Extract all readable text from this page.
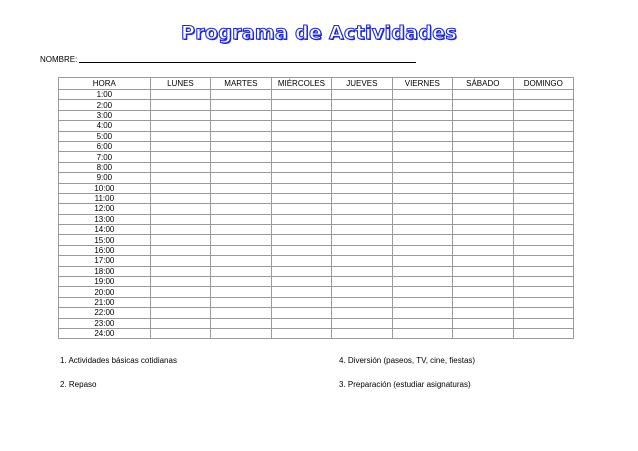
Programa de Actividades
NOMBRE:
HORA	LUNES	MARTES	MIÉRCOLES	JUEVES	VIERNES	SÁBADO	DOMINGO
1:00							
2:00							
3:00							
4:00							
5:00							
6:00							
7:00							
8:00							
9:00							
10:00							
11:00							
12:00							
13:00							
14:00							
15:00							
16:00							
17:00							
18:00							
19:00							
20:00							
21:00							
22:00							
23:00							
24:00							
1. Actividades básicas cotidianas
2. Repaso
4. Diversión (paseos, TV, cine, fiestas)
3. Preparación (estudiar asignaturas)
